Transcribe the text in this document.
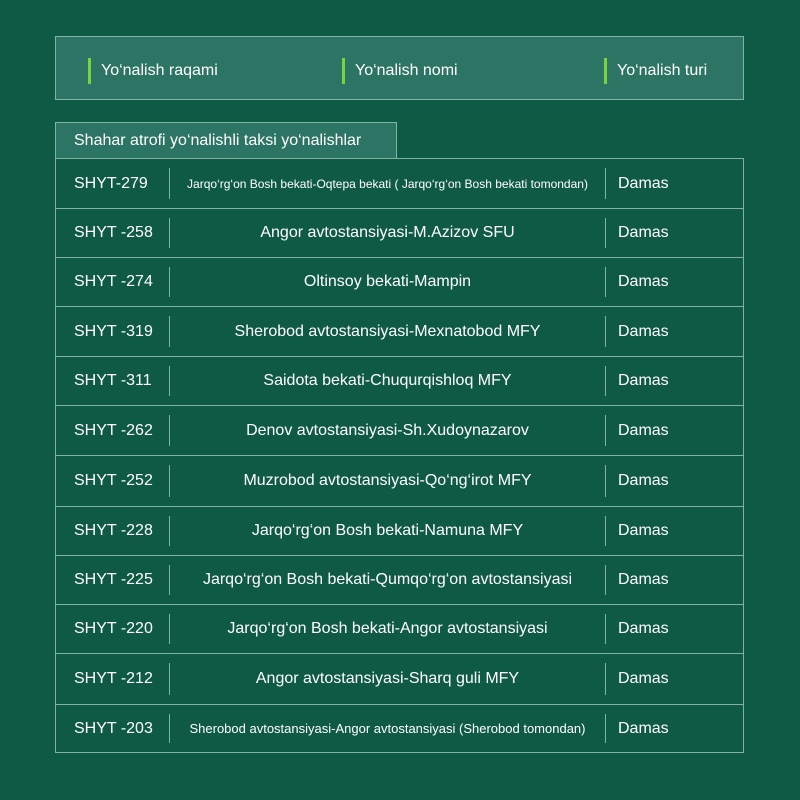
Yo‘nalish raqami	Yo‘nalish nomi	Yo‘nalish turi
Shahar atrofi yo‘nalishli taksi yo‘nalishlar
SHYT-279	Jarqo‘rg‘on Bosh bekati-Oqtepa bekati ( Jarqo‘rg‘on Bosh bekati tomondan)	Damas
SHYT -258	Angor avtostansiyasi-M.Azizov SFU	Damas
SHYT -274	Oltinsoy bekati-Mampin	Damas
SHYT -319	Sherobod avtostansiyasi-Mexnatobod MFY	Damas
SHYT -311	Saidota bekati-Chuqurqishloq MFY	Damas
SHYT -262	Denov avtostansiyasi-Sh.Xudoynazarov	Damas
SHYT -252	Muzrobod avtostansiyasi-Qo‘ng‘irot MFY	Damas
SHYT -228	Jarqo‘rg‘on Bosh bekati-Namuna MFY	Damas
SHYT -225	Jarqo‘rg‘on Bosh bekati-Qumqo‘rg‘on avtostansiyasi	Damas
SHYT -220	Jarqo‘rg‘on Bosh bekati-Angor avtostansiyasi	Damas
SHYT -212	Angor avtostansiyasi-Sharq guli MFY	Damas
SHYT -203	Sherobod avtostansiyasi-Angor avtostansiyasi (Sherobod tomondan)	Damas
